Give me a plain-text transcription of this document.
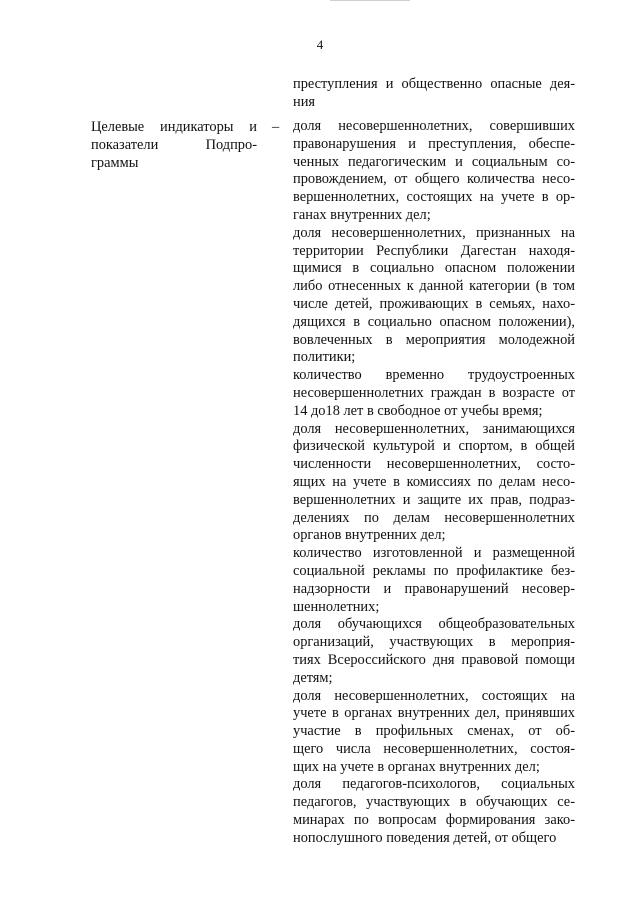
4
преступления и общественно опасные дея-
ния
Целевые индикаторы и
показатели Подпро-
граммы
– доля несовершеннолетних, совершивших
правонарушения и преступления, обеспе-
ченных педагогическим и социальным со-
провождением, от общего количества несо-
вершеннолетних, состоящих на учете в ор-
ганах внутренних дел;
доля несовершеннолетних, признанных на
территории Республики Дагестан находя-
щимися в социально опасном положении
либо отнесенных к данной категории (в том
числе детей, проживающих в семьях, нахо-
дящихся в социально опасном положении),
вовлеченных в мероприятия молодежной
политики;
количество временно трудоустроенных
несовершеннолетних граждан в возрасте от
14 до18 лет в свободное от учебы время;
доля несовершеннолетних, занимающихся
физической культурой и спортом, в общей
численности несовершеннолетних, состо-
ящих на учете в комиссиях по делам несо-
вершеннолетних и защите их прав, подраз-
делениях по делам несовершеннолетних
органов внутренних дел;
количество изготовленной и размещенной
социальной рекламы по профилактике без-
надзорности и правонарушений несовер-
шеннолетних;
доля обучающихся общеобразовательных
организаций, участвующих в мероприя-
тиях Всероссийского дня правовой помощи
детям;
доля несовершеннолетних, состоящих на
учете в органах внутренних дел, принявших
участие в профильных сменах, от об-
щего числа несовершеннолетних, состоя-
щих на учете в органах внутренних дел;
доля педагогов-психологов, социальных
педагогов, участвующих в обучающих се-
минарах по вопросам формирования зако-
нопослушного поведения детей, от общего
